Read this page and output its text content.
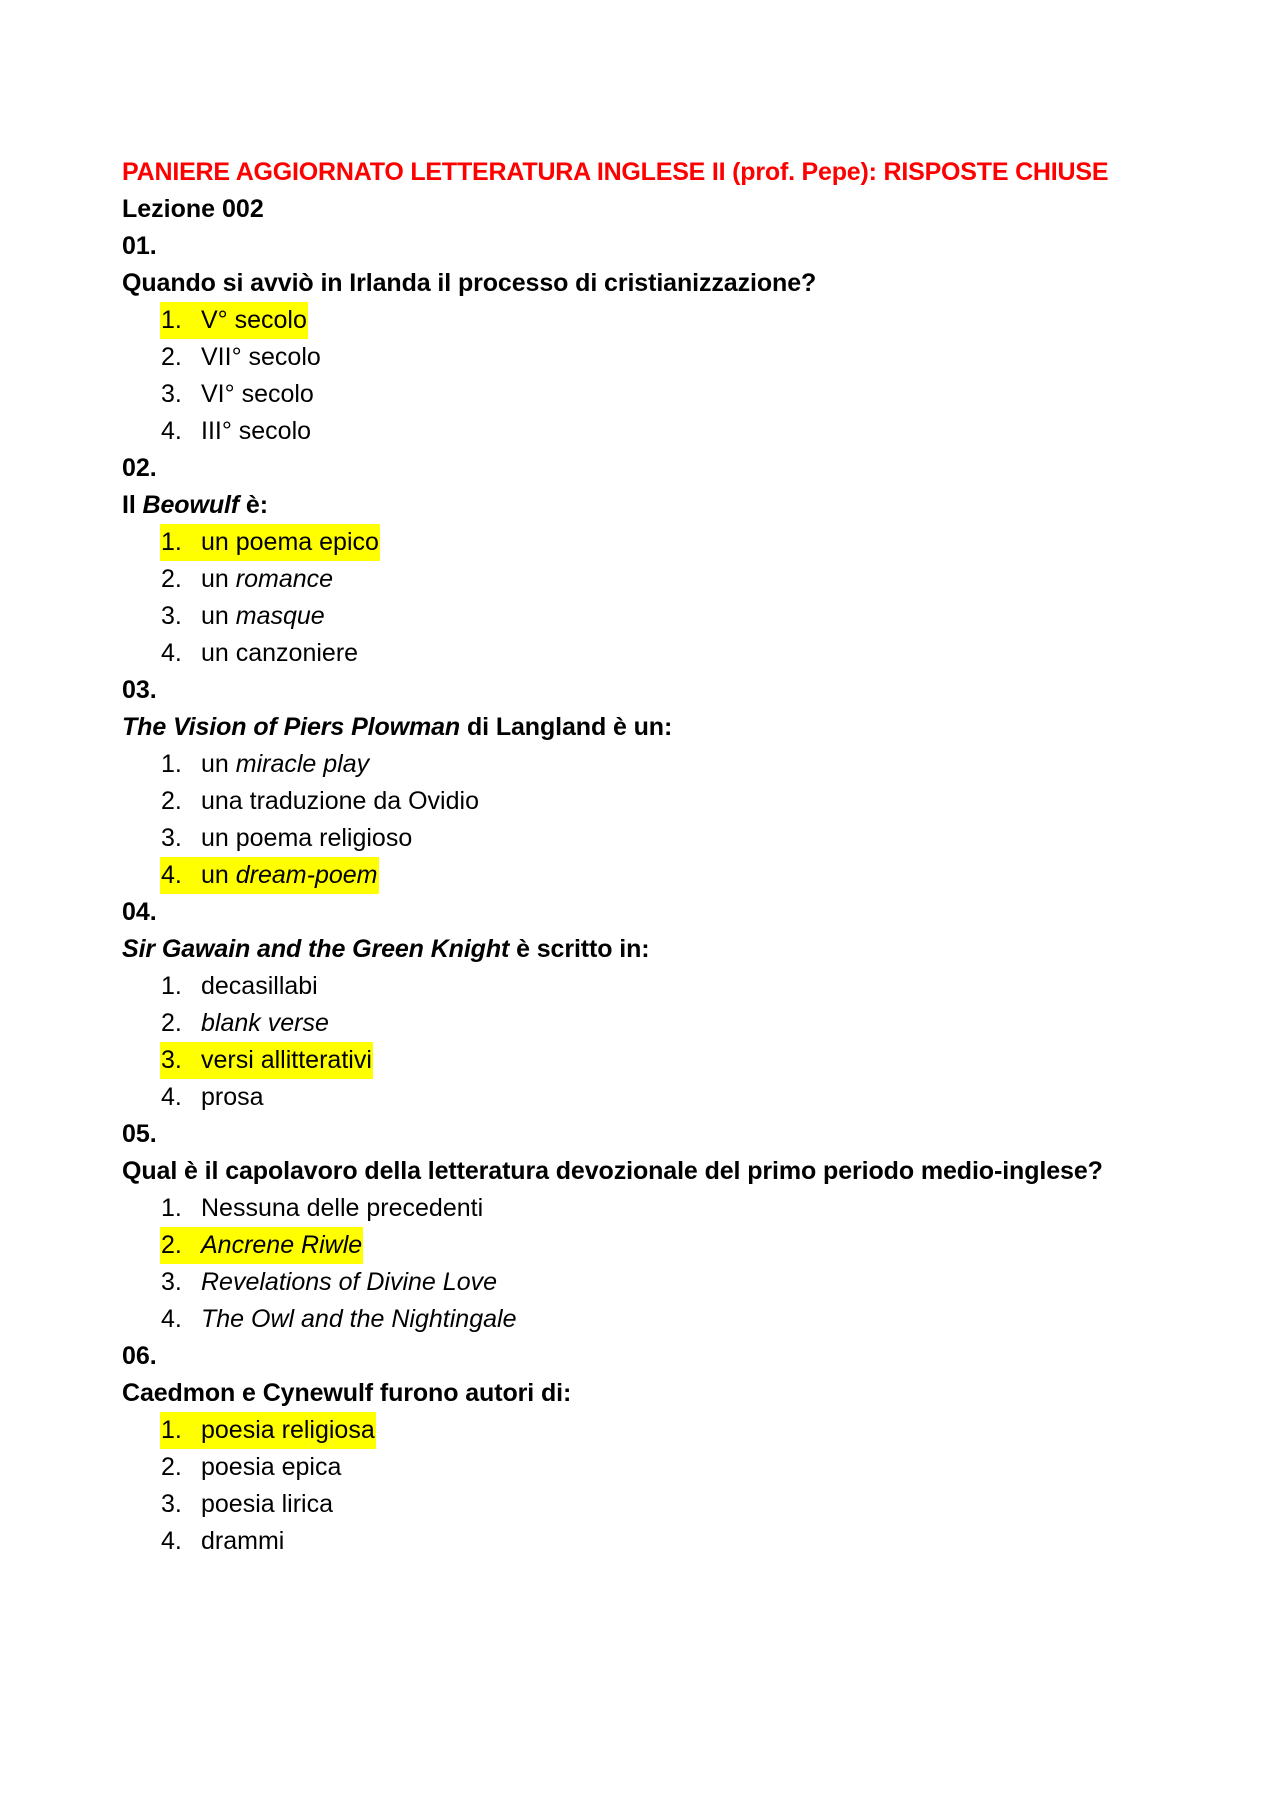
PANIERE AGGIORNATO LETTERATURA INGLESE II (prof. Pepe): RISPOSTE CHIUSE
Lezione 002
01.
Quando si avviò in Irlanda il processo di cristianizzazione?
1. V° secolo
2. VII° secolo
3. VI° secolo
4. III° secolo
02.
Il Beowulf è:
1. un poema epico
2. un romance
3. un masque
4. un canzoniere
03.
The Vision of Piers Plowman di Langland è un:
1. un miracle play
2. una traduzione da Ovidio
3. un poema religioso
4. un dream-poem
04.
Sir Gawain and the Green Knight è scritto in:
1. decasillabi
2. blank verse
3. versi allitterativi
4. prosa
05.
Qual è il capolavoro della letteratura devozionale del primo periodo medio-inglese?
1. Nessuna delle precedenti
2. Ancrene Riwle
3. Revelations of Divine Love
4. The Owl and the Nightingale
06.
Caedmon e Cynewulf furono autori di:
1. poesia religiosa
2. poesia epica
3. poesia lirica
4. drammi
